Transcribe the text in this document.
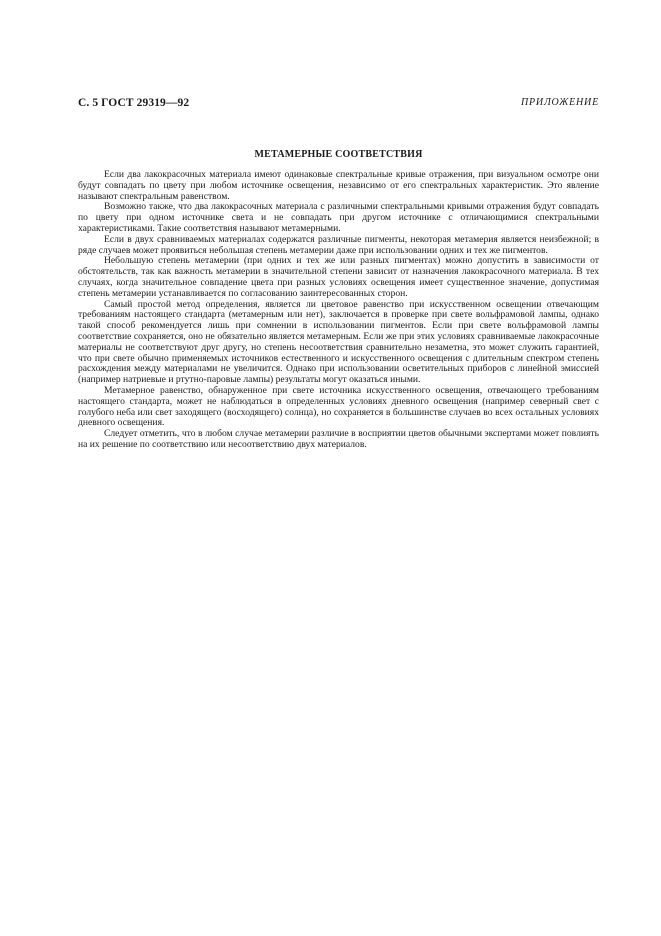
С. 5 ГОСТ 29319—92	ПРИЛОЖЕНИЕ
МЕТАМЕРНЫЕ СООТВЕТСТВИЯ

Если два лакокрасочных материала имеют одинаковые спектральные кривые отражения, при визуальном осмотре они будут совпадать по цвету при любом источнике освещения, независимо от его спектральных характеристик. Это явление называют спектральным равенством.

Возможно также, что два лакокрасочных материала с различными спектральными кривыми отражения будут совпадать по цвету при одном источнике света и не совпадать при другом источнике с отличающимися спектральными характеристиками. Такие соответствия называют метамерными.

Если в двух сравниваемых материалах содержатся различные пигменты, некоторая метамерия является неизбежной; в ряде случаев может проявиться небольшая степень метамерии даже при использовании одних и тех же пигментов.

Небольшую степень метамерии (при одних и тех же или разных пигментах) можно допустить в зависимости от обстоятельств, так как важность метамерии в значительной степени зависит от назначения лакокрасочного материала. В тех случаях, когда значительное совпадение цвета при разных условиях освещения имеет существенное значение, допустимая степень метамерии устанавливается по согласованию заинтересованных сторон.

Самый простой метод определения, является ли цветовое равенство при искусственном освещении отвечающим требованиям настоящего стандарта (метамерным или нет), заключается в проверке при свете вольфрамовой лампы, однако такой способ рекомендуется лишь при сомнении в использовании пигментов. Если при свете вольфрамовой лампы соответствие сохраняется, оно не обязательно является метамерным. Если же при этих условиях сравниваемые лакокрасочные материалы не соответствуют друг другу, но степень несоответствия сравнительно незаметна, это может служить гарантией, что при свете обычно применяемых источников естественного и искусственного освещения с длительным спектром степень расхождения между материалами не увеличится. Однако при использовании осветительных приборов с линейной эмиссией (например натриевые и ртутно-паровые лампы) результаты могут оказаться иными.

Метамерное равенство, обнаруженное при свете источника искусственного освещения, отвечающего требованиям настоящего стандарта, может не наблюдаться в определенных условиях дневного освещения (например северный свет с голубого неба или свет заходящего (восходящего) солнца), но сохраняется в большинстве случаев во всех остальных условиях дневного освещения.

Следует отметить, что в любом случае метамерии различие в восприятии цветов обычными экспертами может повлиять на их решение по соответствию или несоответствию двух материалов.
